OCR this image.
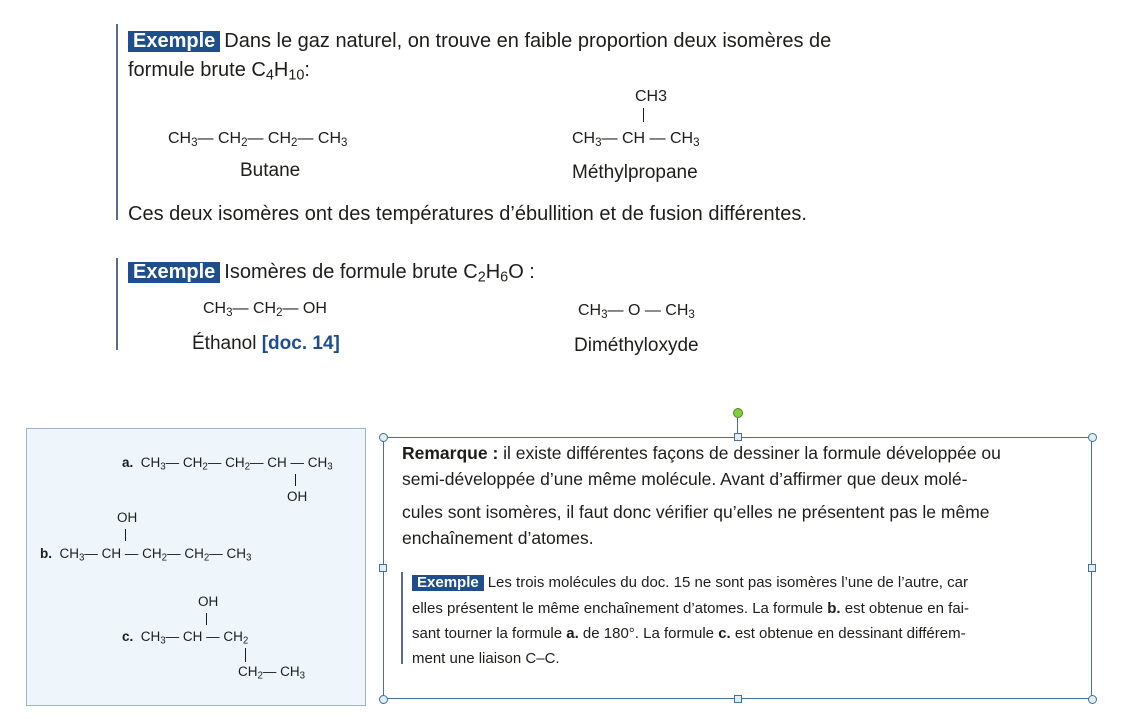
Exemple Dans le gaz naturel, on trouve en faible proportion deux isomères de
formule brute $C_4H_{10}$:
$CH_3—$ $CH_2—$ $CH_2—$ $CH_3$
Butane
CH3
$CH_3—$ CH — $CH_3$
Méthylpropane
Ces deux isomères ont des températures d’ébullition et de fusion différentes.
Exemple Isomères de formule brute $C_2H_6O$ :
$CH_3—$ $CH_2—$ OH
Éthanol [doc. 14]
$CH_3—$ O — $CH_3$
Diméthyloxyde
a.  $CH_3—$ $CH_2—$ $CH_2—$ CH — $CH_3$
OH
OH
b.  $CH_3—$ CH — $CH_2—$ $CH_2—$ $CH_3$
OH
c.  $CH_3—$ CH — $CH_2$
$CH_2—$ $CH_3$
Remarque : il existe différentes façons de dessiner la formule développée ou
semi-développée d’une même molécule. Avant d’affirmer que deux molé-
cules sont isomères, il faut donc vérifier qu’elles ne présentent pas le même
enchaînement d’atomes.
Exemple Les trois molécules du doc. 15 ne sont pas isomères l’une de l’autre, car
elles présentent le même enchaînement d’atomes. La formule b. est obtenue en fai-
sant tourner la formule a. de 180°. La formule c. est obtenue en dessinant différem-
ment une liaison C–C.
